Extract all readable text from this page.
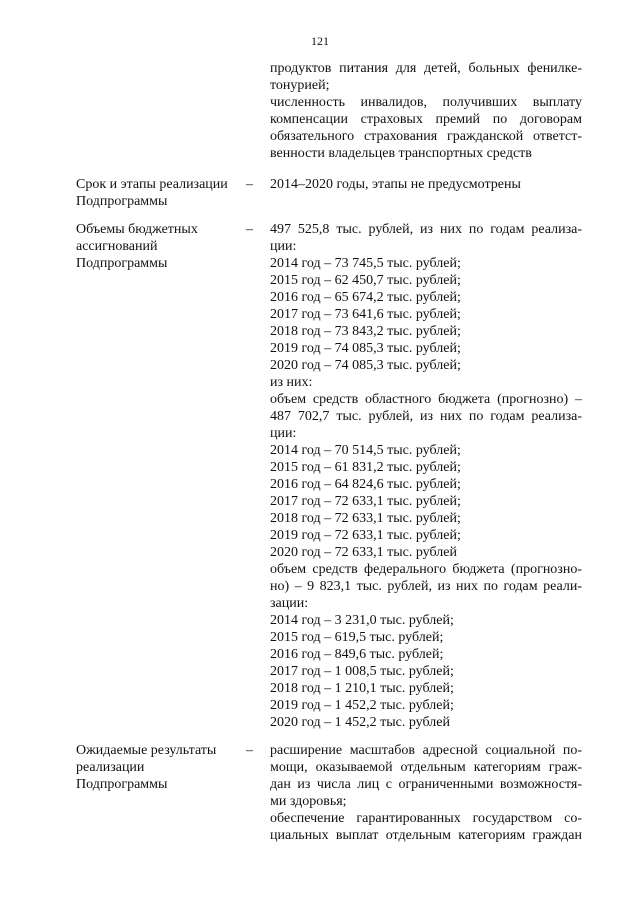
121
продуктов питания для детей, больных фенилке-
тонурией;
численность инвалидов, получивших выплату
компенсации страховых премий по договорам
обязательного страхования гражданской ответст-
венности владельцев транспортных средств
Срок и этапы реализации
Подпрограммы
– 2014–2020 годы, этапы не предусмотрены
Объемы бюджетных
ассигнований
Подпрограммы
– 497 525,8 тыс. рублей, из них по годам реализа-
ции:
2014 год – 73 745,5 тыс. рублей;
2015 год – 62 450,7 тыс. рублей;
2016 год – 65 674,2 тыс. рублей;
2017 год – 73 641,6 тыс. рублей;
2018 год – 73 843,2 тыс. рублей;
2019 год – 74 085,3 тыс. рублей;
2020 год – 74 085,3 тыс. рублей;
из них:
объем средств областного бюджета (прогнозно) –
487 702,7 тыс. рублей, из них по годам реализа-
ции:
2014 год – 70 514,5 тыс. рублей;
2015 год – 61 831,2 тыс. рублей;
2016 год – 64 824,6 тыс. рублей;
2017 год – 72 633,1 тыс. рублей;
2018 год – 72 633,1 тыс. рублей;
2019 год – 72 633,1 тыс. рублей;
2020 год – 72 633,1 тыс. рублей
объем средств федерального бюджета (прогнозно-
но) – 9 823,1 тыс. рублей, из них по годам реали-
зации:
2014 год – 3 231,0 тыс. рублей;
2015 год – 619,5 тыс. рублей;
2016 год – 849,6 тыс. рублей;
2017 год – 1 008,5 тыс. рублей;
2018 год – 1 210,1 тыс. рублей;
2019 год – 1 452,2 тыс. рублей;
2020 год – 1 452,2 тыс. рублей
Ожидаемые результаты
реализации
Подпрограммы
– расширение масштабов адресной социальной по-
мощи, оказываемой отдельным категориям граж-
дан из числа лиц с ограниченными возможностя-
ми здоровья;
обеспечение гарантированных государством со-
циальных выплат отдельным категориям граждан
